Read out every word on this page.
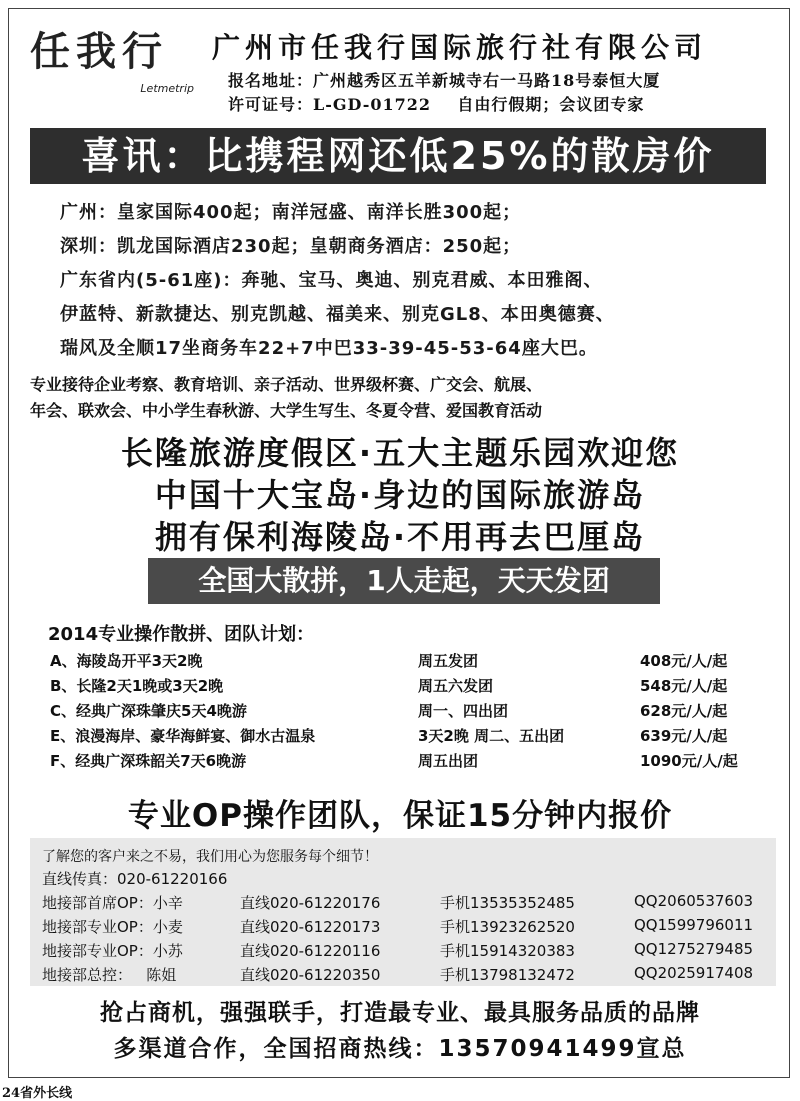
任我行
Letmetrip
广州市任我行国际旅行社有限公司
报名地址：广州越秀区五羊新城寺右一马路18号泰恒大厦
许可证号：L-GD-01722    自由行假期；会议团专家
喜讯：比携程网还低25%的散房价
广州：皇家国际400起；南洋冠盛、南洋长胜300起；
深圳：凯龙国际酒店230起；皇朝商务酒店：250起；
广东省内(5-61座)：奔驰、宝马、奥迪、别克君威、本田雅阁、
伊蓝特、新款捷达、别克凯越、福美来、别克GL8、本田奥德赛、
瑞风及全顺17坐商务车22+7中巴33-39-45-53-64座大巴。
专业接待企业考察、教育培训、亲子活动、世界级杯赛、广交会、航展、
年会、联欢会、中小学生春秋游、大学生写生、冬夏令营、爱国教育活动
长隆旅游度假区·五大主题乐园欢迎您
中国十大宝岛·身边的国际旅游岛
拥有保利海陵岛·不用再去巴厘岛
全国大散拼，1人走起，天天发团
2014专业操作散拼、团队计划：
A、海陵岛开平3天2晚	周五发团	408元/人/起
B、长隆2天1晚或3天2晚	周五六发团	548元/人/起
C、经典广深珠肇庆5天4晚游	周一、四出团	628元/人/起
E、浪漫海岸、豪华海鲜宴、御水古温泉	3天2晚 周二、五出团	639元/人/起
F、经典广深珠韶关7天6晚游	周五出团	1090元/人/起
专业OP操作团队，保证15分钟内报价
了解您的客户来之不易，我们用心为您服务每个细节！
直线传真：020-61220166
地接部首席OP：小辛	直线020-61220176	手机13535352485	QQ2060537603
地接部专业OP：小麦	直线020-61220173	手机13923262520	QQ1599796011
地接部专业OP：小苏	直线020-61220116	手机15914320383	QQ1275279485
地接部总控：   陈姐	直线020-61220350	手机13798132472	QQ2025917408
抢占商机，强强联手，打造最专业、最具服务品质的品牌
多渠道合作，全国招商热线：13570941499宣总
24省外长线
